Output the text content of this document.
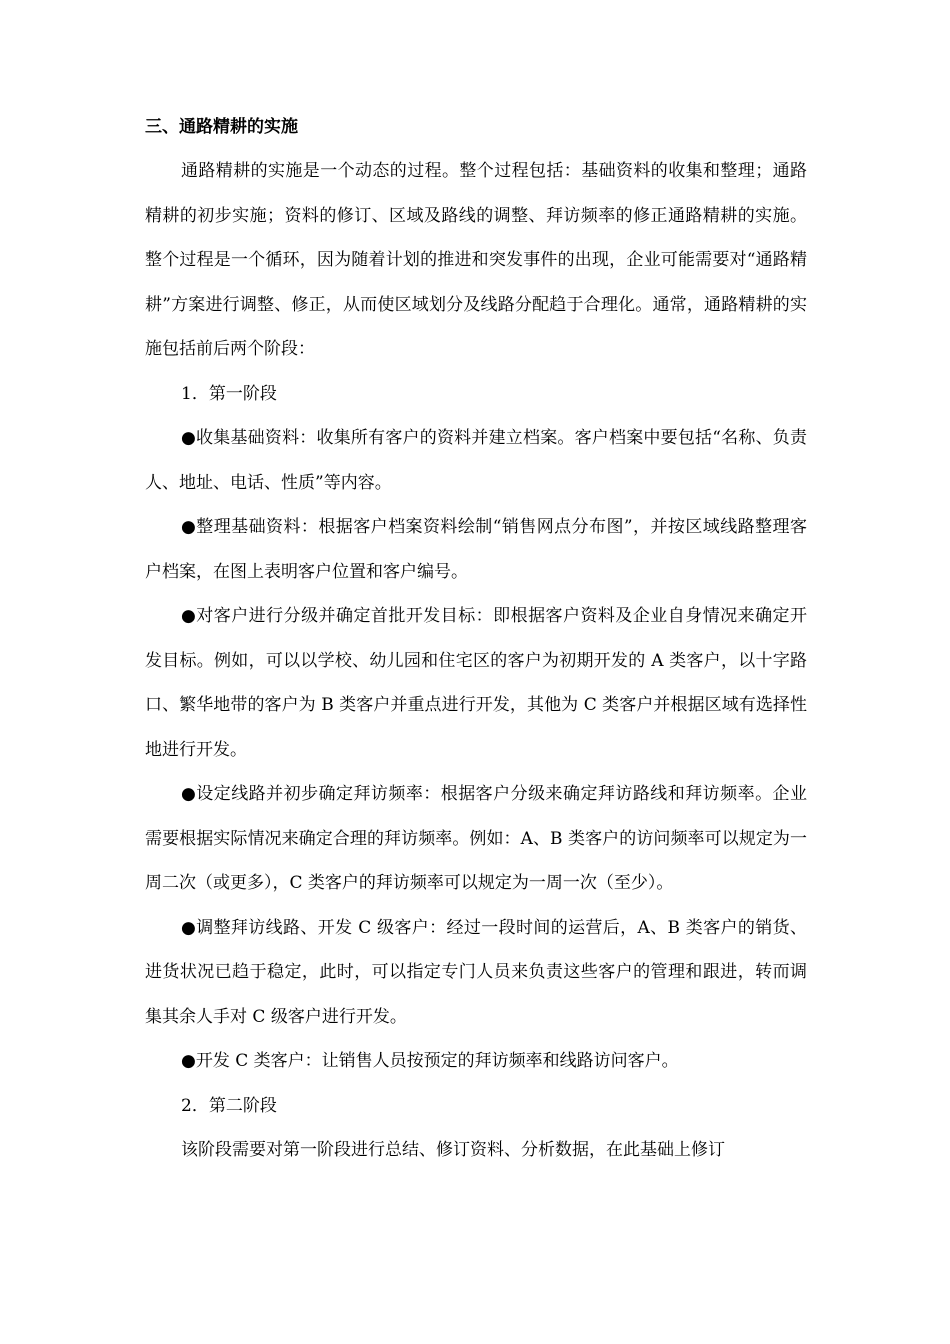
三、通路精耕的实施

通路精耕的实施是一个动态的过程。整个过程包括：基础资料的收集和整理；通路精耕的初步实施；资料的修订、区域及路线的调整、拜访频率的修正通路精耕的实施。整个过程是一个循环，因为随着计划的推进和突发事件的出现，企业可能需要对“通路精耕”方案进行调整、修正，从而使区域划分及线路分配趋于合理化。通常，通路精耕的实施包括前后两个阶段：

1．第一阶段

●收集基础资料：收集所有客户的资料并建立档案。客户档案中要包括“名称、负责人、地址、电话、性质”等内容。

●整理基础资料：根据客户档案资料绘制“销售网点分布图”，并按区域线路整理客户档案，在图上表明客户位置和客户编号。

●对客户进行分级并确定首批开发目标：即根据客户资料及企业自身情况来确定开发目标。例如，可以以学校、幼儿园和住宅区的客户为初期开发的 A 类客户，以十字路口、繁华地带的客户为 B 类客户并重点进行开发，其他为 C 类客户并根据区域有选择性地进行开发。

●设定线路并初步确定拜访频率：根据客户分级来确定拜访路线和拜访频率。企业需要根据实际情况来确定合理的拜访频率。例如：A、B 类客户的访问频率可以规定为一周二次（或更多），C 类客户的拜访频率可以规定为一周一次（至少）。

●调整拜访线路、开发 C 级客户：经过一段时间的运营后，A、B 类客户的销货、进货状况已趋于稳定，此时，可以指定专门人员来负责这些客户的管理和跟进，转而调集其余人手对 C 级客户进行开发。

●开发 C 类客户：让销售人员按预定的拜访频率和线路访问客户。

2．第二阶段

该阶段需要对第一阶段进行总结、修订资料、分析数据，在此基础上修订
